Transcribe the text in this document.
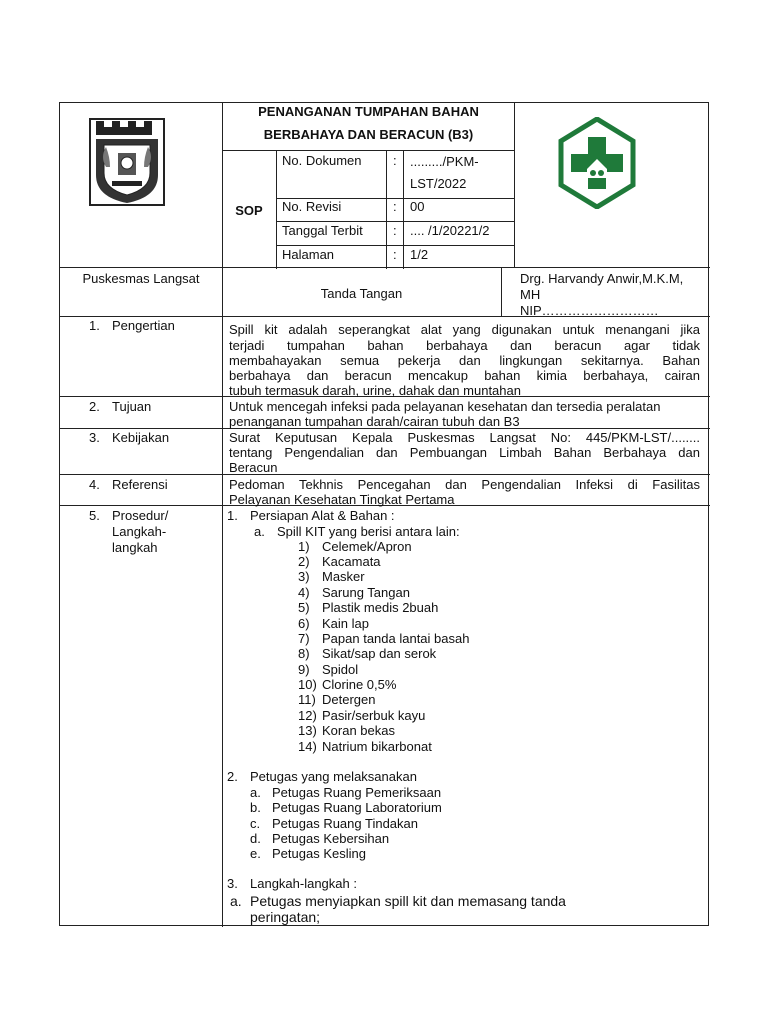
PENANGANAN TUMPAHAN BAHAN
BERBAHAYA DAN BERACUN (B3)
SOP
No. Dokumen : ........./PKM-
LST/2022
No. Revisi	: 00
Tanggal Terbit : .... /1/20221/2
Halaman	: 1/2
Puskesmas Langsat
Tanda Tangan
Drg. Harvandy Anwir,M.K.M,
MH
NIP………………………
1. Pengertian	Spill kit adalah seperangkat alat yang digunakan untuk menangani jika
terjadi tumpahan bahan berbahaya dan beracun agar tidak
membahayakan semua pekerja dan lingkungan sekitarnya. Bahan
berbahaya dan beracun mencakup bahan kimia berbahaya, cairan
tubuh termasuk darah, urine, dahak dan muntahan
2. Tujuan	Untuk mencegah infeksi pada pelayanan kesehatan dan tersedia peralatan
penanganan tumpahan darah/cairan tubuh dan B3
3. Kebijakan	Surat Keputusan Kepala Puskesmas Langsat No: 445/PKM-LST/........
tentang Pengendalian dan Pembuangan Limbah Bahan Berbahaya dan
Beracun
4. Referensi	Pedoman Tekhnis Pencegahan dan Pengendalian Infeksi di Fasilitas
Pelayanan Kesehatan Tingkat Pertama
5. Prosedur/
Langkah-
langkah
1. Persiapan Alat & Bahan :
a. Spill KIT yang berisi antara lain:
1) Celemek/Apron
2) Kacamata
3) Masker
4) Sarung Tangan
5) Plastik medis 2buah
6) Kain lap
7) Papan tanda lantai basah
8) Sikat/sap dan serok
9) Spidol
10) Clorine 0,5%
11) Detergen
12) Pasir/serbuk kayu
13) Koran bekas
14) Natrium bikarbonat
2. Petugas yang melaksanakan
a. Petugas Ruang Pemeriksaan
b. Petugas Ruang Laboratorium
c. Petugas Ruang Tindakan
d. Petugas Kebersihan
e. Petugas Kesling
3. Langkah-langkah :
a. Petugas menyiapkan spill kit dan memasang tanda
peringatan;
